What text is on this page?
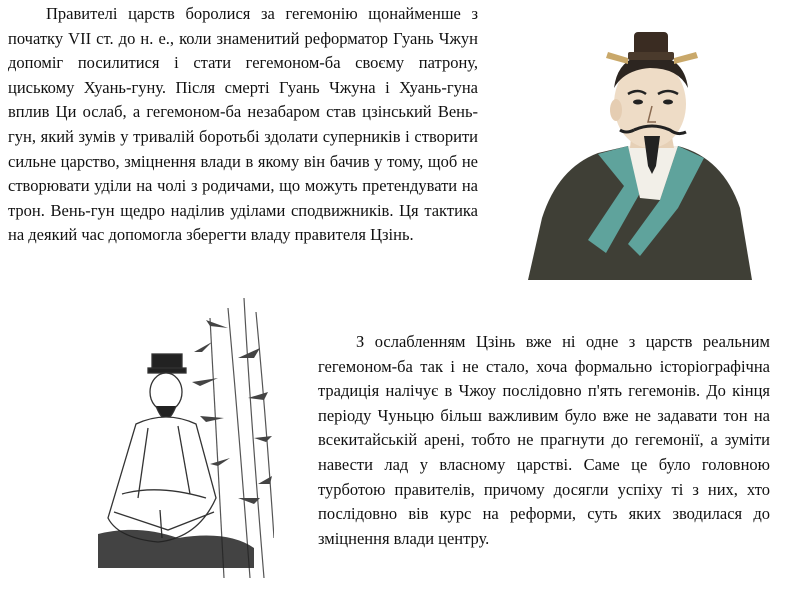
Правителі царств боролися за гегемонію щонайменше з початку VII ст. до н. е., коли знаменитий реформатор Гуань Чжун допоміг посилитися і стати гегемоном-ба своєму патрону, циському Хуань-гуну. Після смерті Гуань Чжуна і Хуань-гуна вплив Ци ослаб, а гегемоном-ба незабаром став цзінський Вень-гун, який зумів у тривалій боротьбі здолати суперників і створити сильне царство, зміцнення влади в якому він бачив у тому, щоб не створювати уділи на чолі з родичами, що можуть претендувати на трон. Вень-гун щедро наділив уділами сподвижників. Ця тактика на деякий час допомогла зберегти владу правителя Цзінь.

З ослабленням Цзінь вже ні одне з царств реальним гегемоном-ба так і не стало, хоча формально історіографічна традиція налічує в Чжоу послідовно п'ять гегемонів. До кінця періоду Чуньцю більш важливим було вже не задавати тон на всекитайській арені, тобто не прагнути до гегемонії, а зуміти навести лад у власному царстві. Саме це було головною турботою правителів, причому досягли успіху ті з них, хто послідовно вів курс на реформи, суть яких зводилася до зміцнення влади центру.
